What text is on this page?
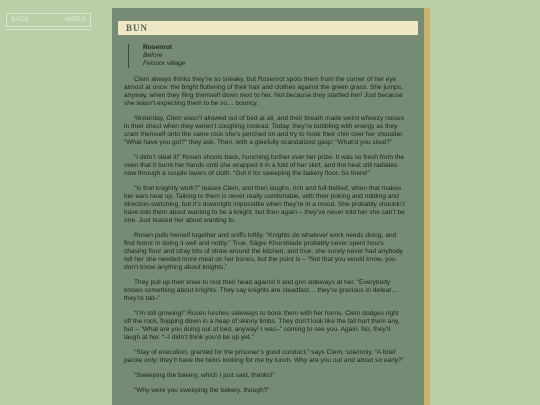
BACK	INDEX
BUN
Rosenrot
Before
Felsnor village

Clem always thinks they’re so sneaky, but Rosenrot spots them from the corner of her eye almost at once: the bright fluttering of their hair and clothes against the green grass. She jumps, anyway, when they fling themself down next to her. Not because they startled her! Just because she wasn’t expecting them to be so… bouncy.

Yesterday, Clem wasn’t allowed out of bed at all, and their breath made weird wheezy noises in their chest when they weren’t coughing instead. Today, they’re bubbling with energy as they cram themself onto the same rock she’s perched on and try to hook their chin over her shoulder. “What have you got?” they ask. Then, with a gleefully scandalized gasp: “What’d you steal?”

“I didn’t steal it!” Rosen shoots back, hunching further over her prize. It was so fresh from the oven that it burnt her hands until she wrapped it in a fold of her skirt, and the heat still radiates now through a couple layers of cloth. “Got it for sweeping the bakery floor. So there!”

“Is that knightly work?” teases Clem, and then laughs, rich and full-bellied, when that makes her ears heat up. Talking to them is never really comfortable, with their poking and riddling and direction-switching, but it’s downright impossible when they’re in a mood. She probably shouldn’t have told them about wanting to be a knight, but then again – they’ve never told her she can’t be one. Just teased her about wanting to.

Rosen pulls herself together and sniffs loftily. “Knights do whatever work needs doing, and find honor in doing it well and nobly.” True, Sägre Khorsblade probably never spent hours chasing flour and stray bits of straw around the kitchen, and true, she surely never had anybody tell her she needed more meat on her bones, but the point is – “Not that you would know, you don’t know anything about knights.”

They pull up their knee to rest their head against it and grin sideways at her. “Everybody knows something about knights. They say knights are steadfast… they’re gracious in defeat… they’re tall–”

“I’m still growing!” Rosen lurches sideways to bonk them with her horns. Clem dodges right off the rock, flopping down in a heap of skinny limbs. They don’t look like the fall hurt them any, but – “What are you doing out of bed, anyway! I was–” coming to see you. Again. No, they’ll laugh at her. “–I didn’t think you’d be up yet.”

“Stay of execution, granted for the prisoner’s good conduct,” says Clem, solemnly. “A brief parole only; they’ll have the twins looking for me by lunch. Why are you out and about so early?”

“Sweeping the bakery, which I just said, thanks!”

“Why were you sweeping the bakery, though?”
